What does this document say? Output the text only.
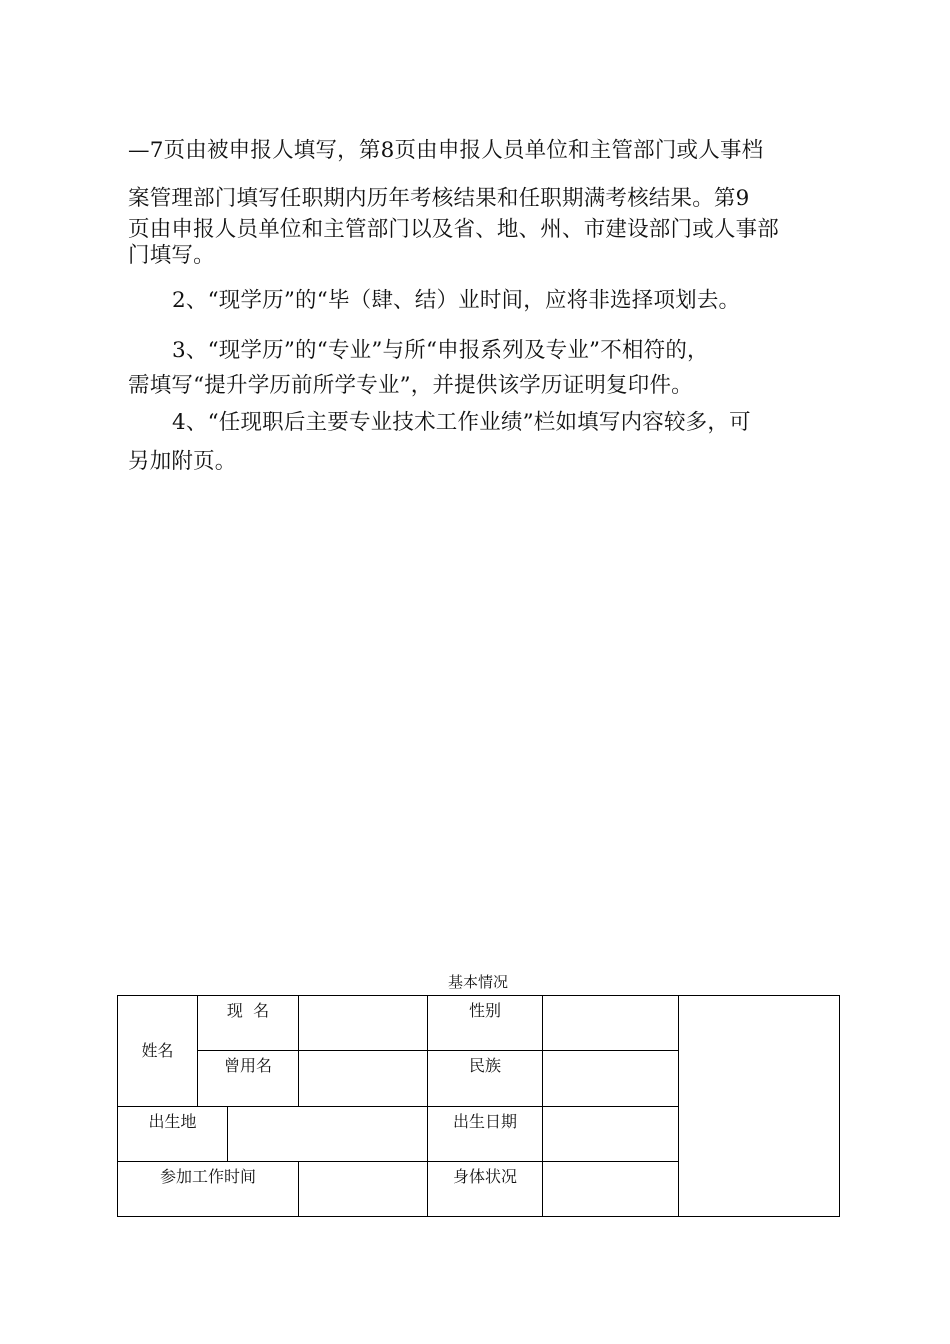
—7页由被申报人填写，第8页由申报人员单位和主管部门或人事档
案管理部门填写任职期内历年考核结果和任职期满考核结果。第9
页由申报人员单位和主管部门以及省、地、州、市建设部门或人事部
门填写。
2、“现学历”的“毕（肆、结）业时间，应将非选择项划去。
3、“现学历”的“专业”与所“申报系列及专业”不相符的，
需填写“提升学历前所学专业”，并提供该学历证明复印件。
4、“任现职后主要专业技术工作业绩”栏如填写内容较多，可
另加附页。
基本情况
姓名	现  名			性别		

	曾用名			民族		

出生地				出生日期		

参加工作时间				身体状况		
